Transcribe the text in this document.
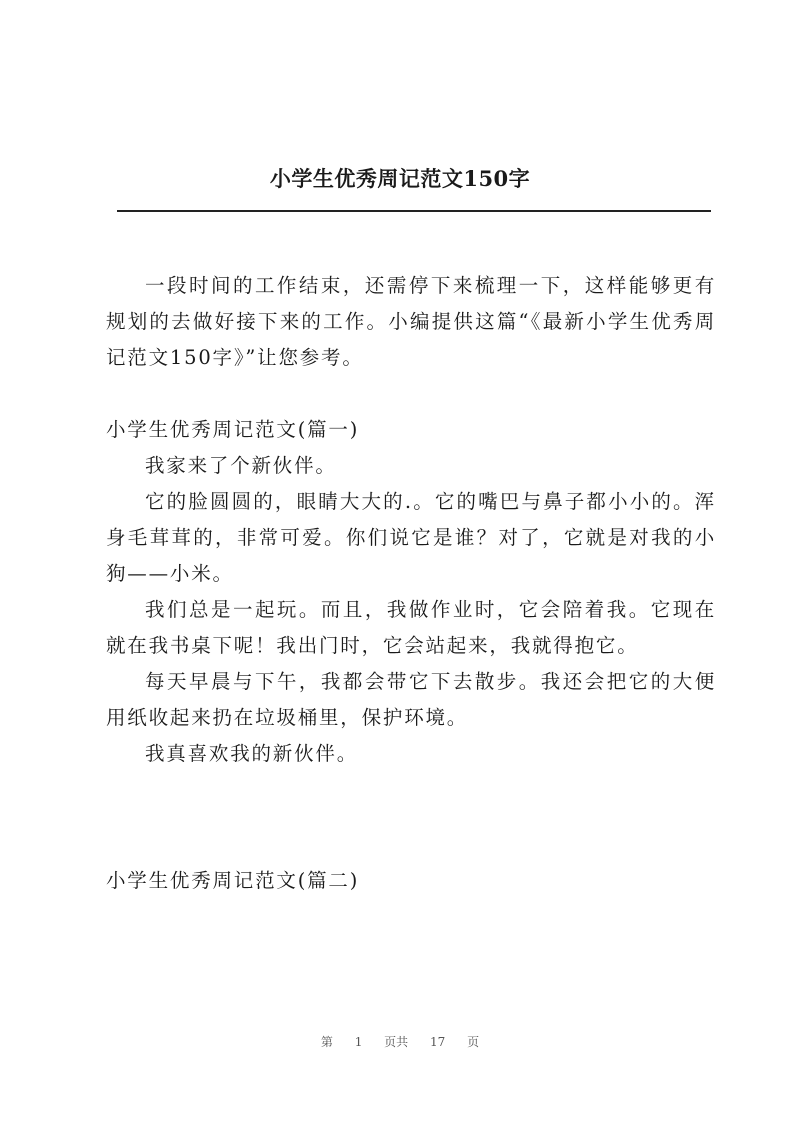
小学生优秀周记范文150字

一段时间的工作结束，还需停下来梳理一下，这样能够更有规划的去做好接下来的工作。小编提供这篇“《最新小学生优秀周记范文150字》”让您参考。

小学生优秀周记范文(篇一)

我家来了个新伙伴。

它的脸圆圆的，眼睛大大的.。它的嘴巴与鼻子都小小的。浑身毛茸茸的，非常可爱。你们说它是谁？对了，它就是对我的小狗——小米。

我们总是一起玩。而且，我做作业时，它会陪着我。它现在就在我书桌下呢！我出门时，它会站起来，我就得抱它。

每天早晨与下午，我都会带它下去散步。我还会把它的大便用纸收起来扔在垃圾桶里，保护环境。

我真喜欢我的新伙伴。

小学生优秀周记范文(篇二)

第 1 页共 17 页
